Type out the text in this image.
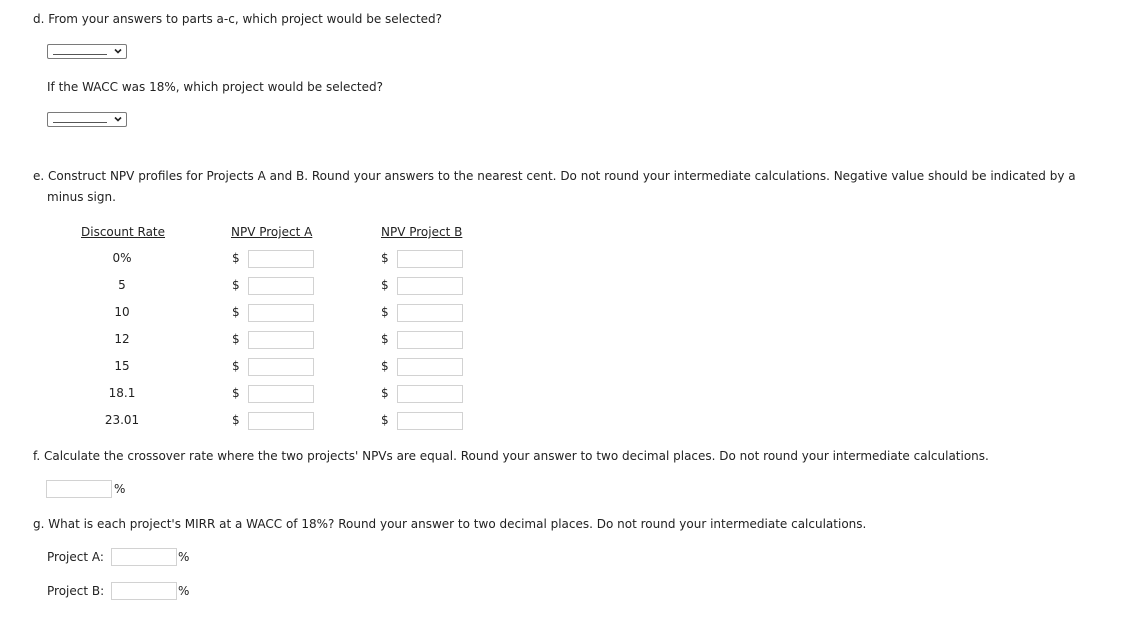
d. From your answers to parts a-c, which project would be selected?
If the WACC was 18%, which project would be selected?
e. Construct NPV profiles for Projects A and B. Round your answers to the nearest cent. Do not round your intermediate calculations. Negative value should be indicated by a
minus sign.
Discount Rate	NPV Project A	NPV Project B
0%	$	$
5	$	$
10	$	$
12	$	$
15	$	$
18.1	$	$
23.01	$	$
f. Calculate the crossover rate where the two projects' NPVs are equal. Round your answer to two decimal places. Do not round your intermediate calculations.
%
g. What is each project's MIRR at a WACC of 18%? Round your answer to two decimal places. Do not round your intermediate calculations.
Project A:	%
Project B:	%
